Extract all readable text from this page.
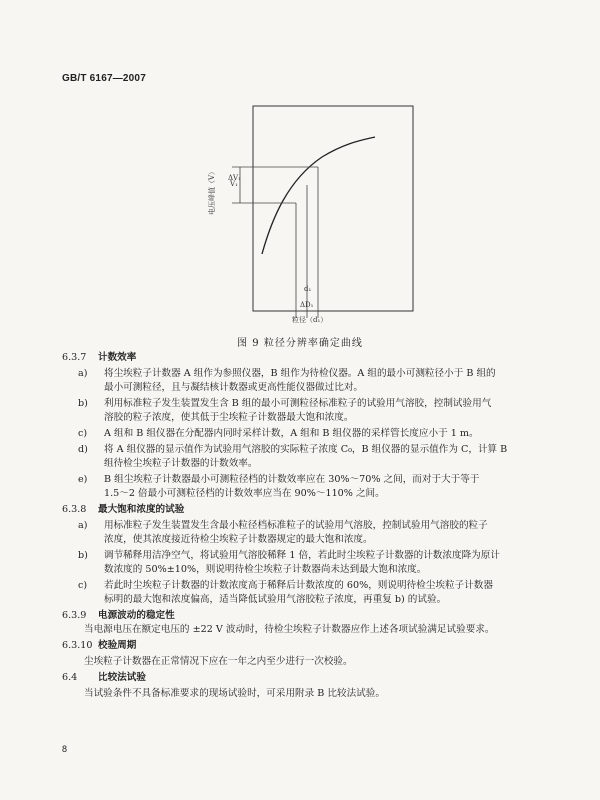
GB/T 6167—2007
ΔV₁
V₁
d₁
ΔD₁
电压峰值（V）
粒径（d₁）
图 9 粒径分辨率确定曲线
6.3.7 计数效率
a) 将尘埃粒子计数器 A 组作为参照仪器，B 组作为待检仪器。A 组的最小可测粒径小于 B 组的
最小可测粒径，且与凝结核计数器或更高性能仪器做过比对。
b) 利用标准粒子发生装置发生含 B 组的最小可测粒径标准粒子的试验用气溶胶，控制试验用气
溶胶的粒子浓度，使其低于尘埃粒子计数器最大饱和浓度。
c) A 组和 B 组仪器在分配器内同时采样计数，A 组和 B 组仪器的采样管长度应小于 1 m。
d) 将 A 组仪器的显示值作为试验用气溶胶的实际粒子浓度 C₀，B 组仪器的显示值作为 C，计算 B
组待检尘埃粒子计数器的计数效率。
e) B 组尘埃粒子计数器最小可测粒径档的计数效率应在 30%～70% 之间，而对于大于等于
1.5～2 倍最小可测粒径档的计数效率应当在 90%～110% 之间。
6.3.8 最大饱和浓度的试验
a) 用标准粒子发生装置发生含最小粒径档标准粒子的试验用气溶胶，控制试验用气溶胶的粒子
浓度，使其浓度接近待检尘埃粒子计数器规定的最大饱和浓度。
b) 调节稀释用洁净空气，将试验用气溶胶稀释 1 倍，若此时尘埃粒子计数器的计数浓度降为原计
数浓度的 50%±10%，则说明待检尘埃粒子计数器尚未达到最大饱和浓度。
c) 若此时尘埃粒子计数器的计数浓度高于稀释后计数浓度的 60%，则说明待检尘埃粒子计数器
标明的最大饱和浓度偏高，适当降低试验用气溶胶粒子浓度，再重复 b) 的试验。
6.3.9 电源波动的稳定性
当电源电压在额定电压的 ±22 V 波动时，待检尘埃粒子计数器应作上述各项试验满足试验要求。
6.3.10 校验周期
尘埃粒子计数器在正常情况下应在一年之内至少进行一次校验。
6.4 比较法试验
当试验条件不具备标准要求的现场试验时，可采用附录 B 比较法试验。
8
